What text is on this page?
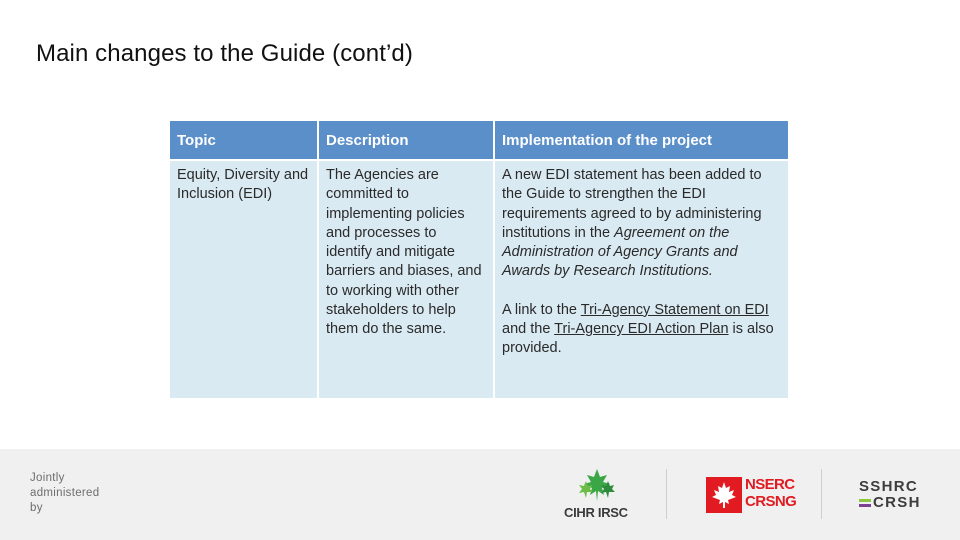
Main changes to the Guide (cont’d)
Topic	Description	Implementation of the project
Equity, Diversity and Inclusion (EDI)	The Agencies are committed to implementing policies and processes to identify and mitigate barriers and biases, and to working with other stakeholders to help them do the same.	A new EDI statement has been added to the Guide to strengthen the EDI requirements agreed to by administering institutions in the Agreement on the Administration of Agency Grants and Awards by Research Institutions.

A link to the Tri-Agency Statement on EDI and the Tri-Agency EDI Action Plan is also provided.

Jointly
administered
by	CIHR IRSC
NSERC
CRSNG
SSHRC
CRSH
